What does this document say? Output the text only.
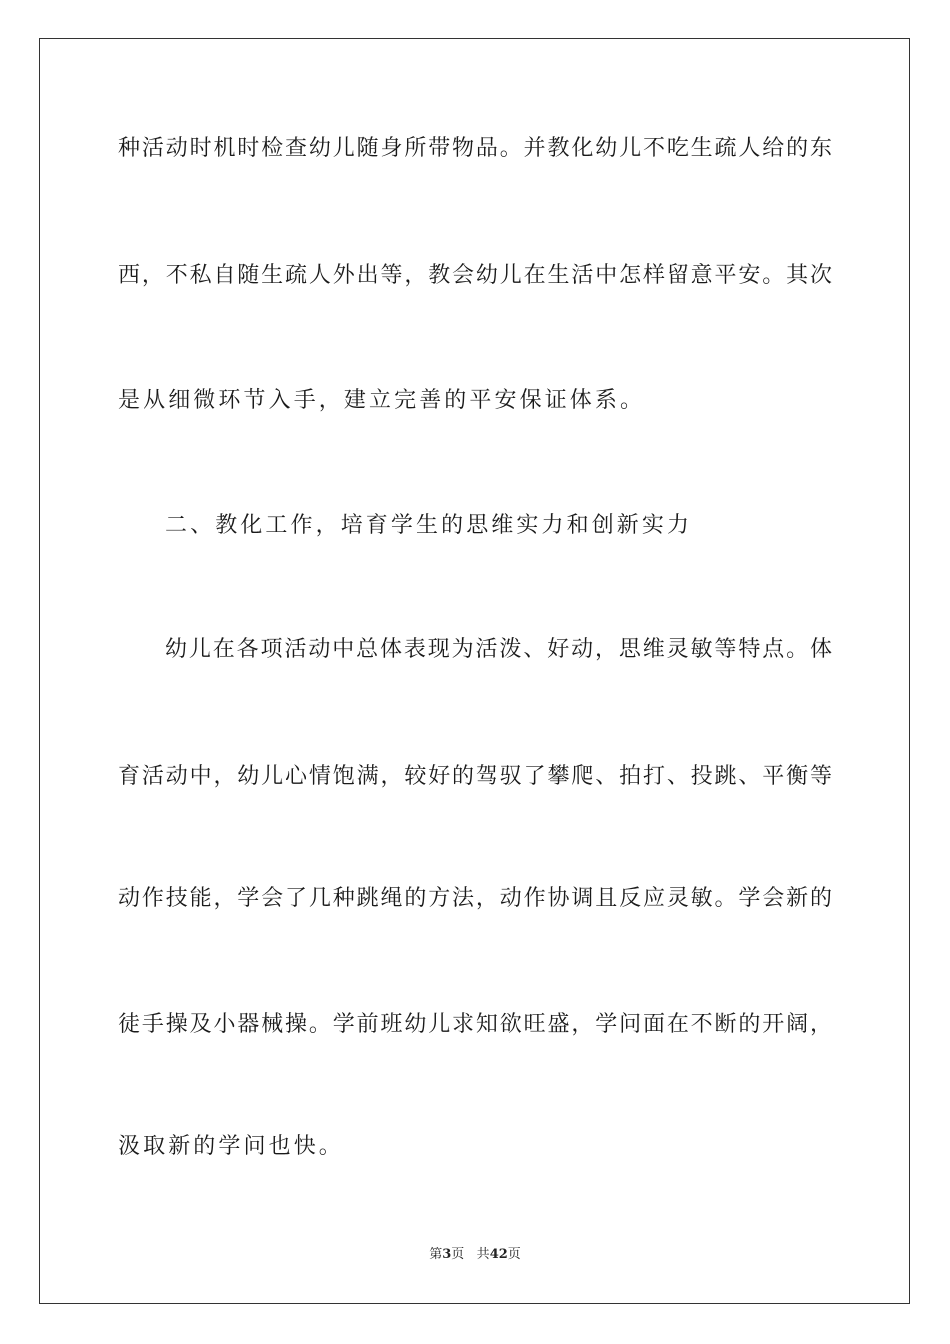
种活动时机时检查幼儿随身所带物品。并教化幼儿不吃生疏人给的东

西，不私自随生疏人外出等，教会幼儿在生活中怎样留意平安。其次

是从细微环节入手，建立完善的平安保证体系。

二、教化工作，培育学生的思维实力和创新实力

幼儿在各项活动中总体表现为活泼、好动，思维灵敏等特点。体

育活动中，幼儿心情饱满，较好的驾驭了攀爬、拍打、投跳、平衡等

动作技能，学会了几种跳绳的方法，动作协调且反应灵敏。学会新的

徒手操及小器械操。学前班幼儿求知欲旺盛，学问面在不断的开阔，

汲取新的学问也快。

第3页 共42页
